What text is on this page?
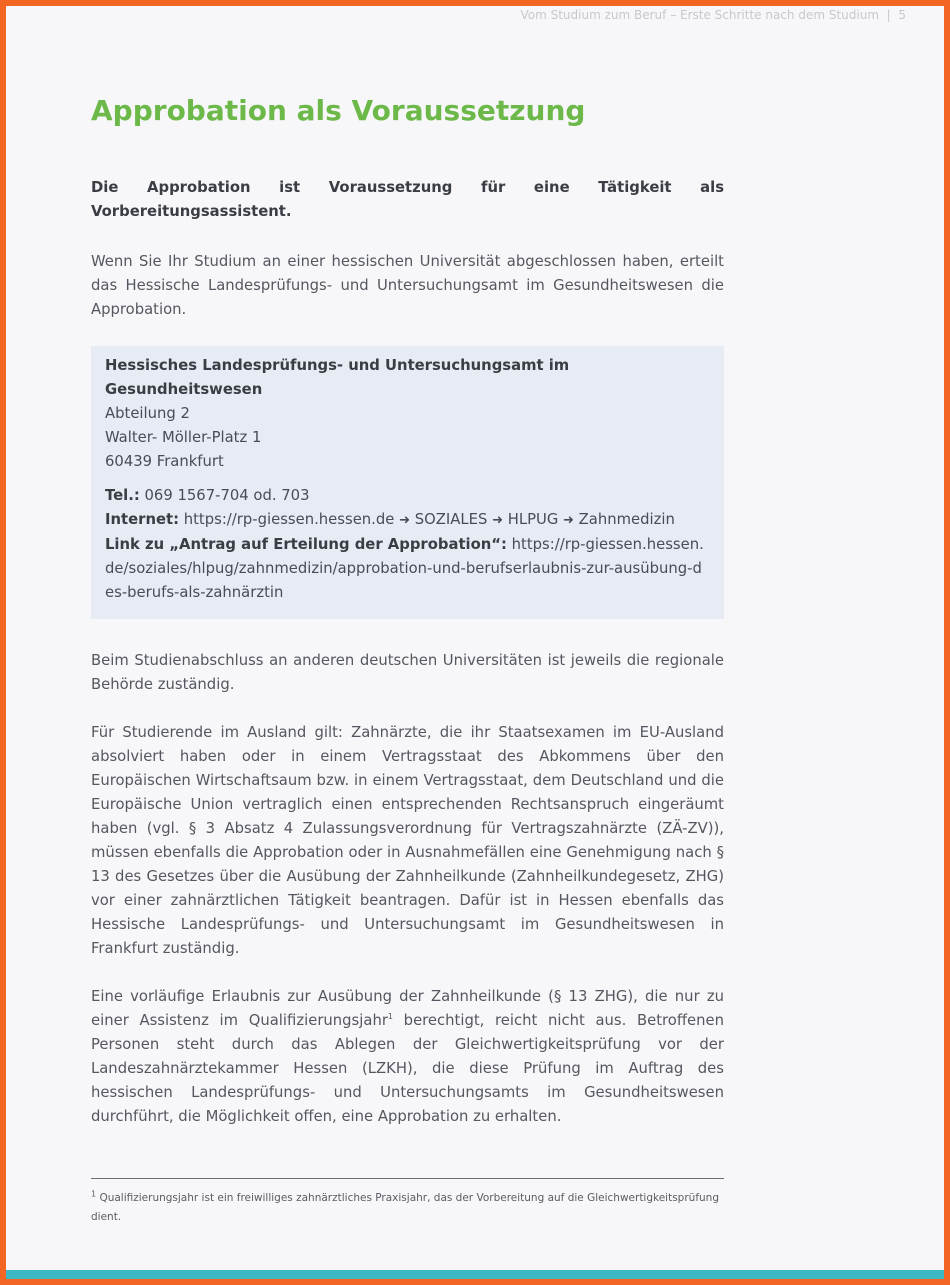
Vom Studium zum Beruf – Erste Schritte nach dem Studium | 5
Approbation als Voraussetzung

Die Approbation ist Voraussetzung für eine Tätigkeit als Vorbereitungsassistent.

Wenn Sie Ihr Studium an einer hessischen Universität abgeschlossen haben, erteilt das Hessische Landesprüfungs- und Untersuchungsamt im Gesundheitswesen die Approbation.

Hessisches Landesprüfungs- und Untersuchungsamt im Gesundheitswesen
Abteilung 2
Walter- Möller-Platz 1
60439 Frankfurt
Tel.: 069 1567-704 od. 703
Internet: https://rp-giessen.hessen.de ➜ SOZIALES ➜ HLPUG ➜ Zahnmedizin
Link zu „Antrag auf Erteilung der Approbation“: https://rp-giessen.hessen.de/soziales/hlpug/zahnmedizin/approbation-und-berufserlaubnis-zur-ausübung-des-berufs-als-zahnärztin

Beim Studienabschluss an anderen deutschen Universitäten ist jeweils die regionale Behörde zuständig.

Für Studierende im Ausland gilt: Zahnärzte, die ihr Staatsexamen im EU-Ausland absolviert haben oder in einem Vertragsstaat des Abkommens über den Europäischen Wirtschaftsaum bzw. in einem Vertragsstaat, dem Deutschland und die Europäische Union vertraglich einen entsprechenden Rechtsanspruch eingeräumt haben (vgl. § 3 Absatz 4 Zulassungsverordnung für Vertragszahnärzte (ZÄ-ZV)), müssen ebenfalls die Approbation oder in Ausnahmefällen eine Genehmigung nach § 13 des Gesetzes über die Ausübung der Zahnheilkunde (Zahnheilkundegesetz, ZHG) vor einer zahnärztlichen Tätigkeit beantragen. Dafür ist in Hessen ebenfalls das Hessische Landesprüfungs- und Untersuchungsamt im Gesundheitswesen in Frankfurt zuständig.

Eine vorläufige Erlaubnis zur Ausübung der Zahnheilkunde (§ 13 ZHG), die nur zu einer Assistenz im Qualifizierungsjahr$^1$ berechtigt, reicht nicht aus. Betroffenen Personen steht durch das Ablegen der Gleichwertigkeitsprüfung vor der Landeszahnärztekammer Hessen (LZKH), die diese Prüfung im Auftrag des hessischen Landesprüfungs- und Untersuchungsamts im Gesundheitswesen durchführt, die Möglichkeit offen, eine Approbation zu erhalten.

$^1$ Qualifizierungsjahr ist ein freiwilliges zahnärztliches Praxisjahr, das der Vorbereitung auf die Gleichwertigkeitsprüfung dient.
